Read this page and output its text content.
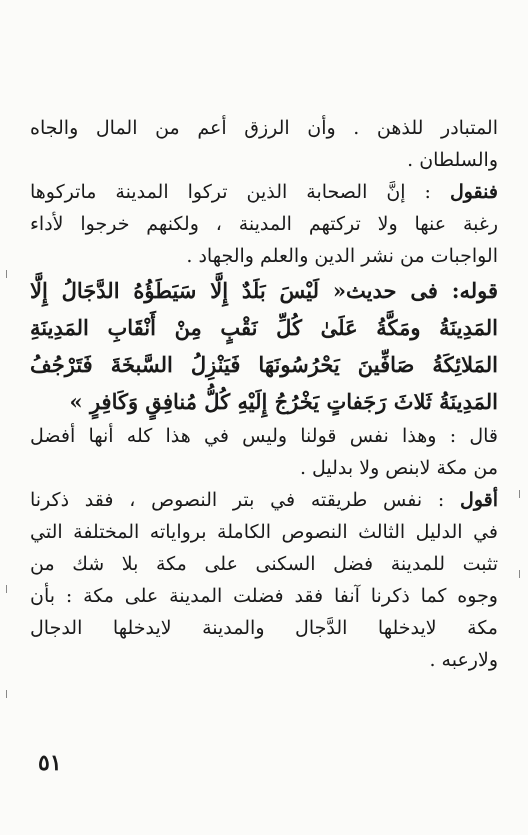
المتبادر للذهن . وأن الرزق أعم من المال والجاه
والسلطان .
فنقول : إنَّ الصحابة الذين تركوا المدينة ماتركوها
رغبة عنها ولا تركتهم المدينة ، ولكنهم خرجوا لأداء
الواجبات من نشر الدين والعلم والجهاد .
قوله: فى حديث« لَيْسَ بَلَدٌ إِلَّا سَيَطَؤُهُ الدَّجَالُ إِلَّا
المَدِينَةُ ومَكَّةُ عَلَىٰ كُلِّ نَقْبٍ مِنْ أَنْقَابِ المَدِينَةِ
المَلائِكَةُ صَافِّينَ يَحْرُسُونَهَا فَيَنْزِلُ السَّبخَةَ فَتَرْجُفُ
المَدِينَةُ ثَلاثَ رَجَفاتٍ يَخْرُجُ إِلَيْهِ كُلُّ مُنافِقٍ وَكَافِرٍ »
قال : وهذا نفس قولنا وليس في هذا كله أنها أفضل
من مكة لابنص ولا بدليل .
أقول : نفس طريقته في بتر النصوص ، فقد ذكرنا
في الدليل الثالث النصوص الكاملة برواياته المختلفة التي
تثبت للمدينة فضل السكنى على مكة بلا شك من
وجوه كما ذكرنا آنفا فقد فضلت المدينة على مكة : بأن
مكة لايدخلها الدَّجال والمدينة لايدخلها الدجال
ولارعبه .
٥١
